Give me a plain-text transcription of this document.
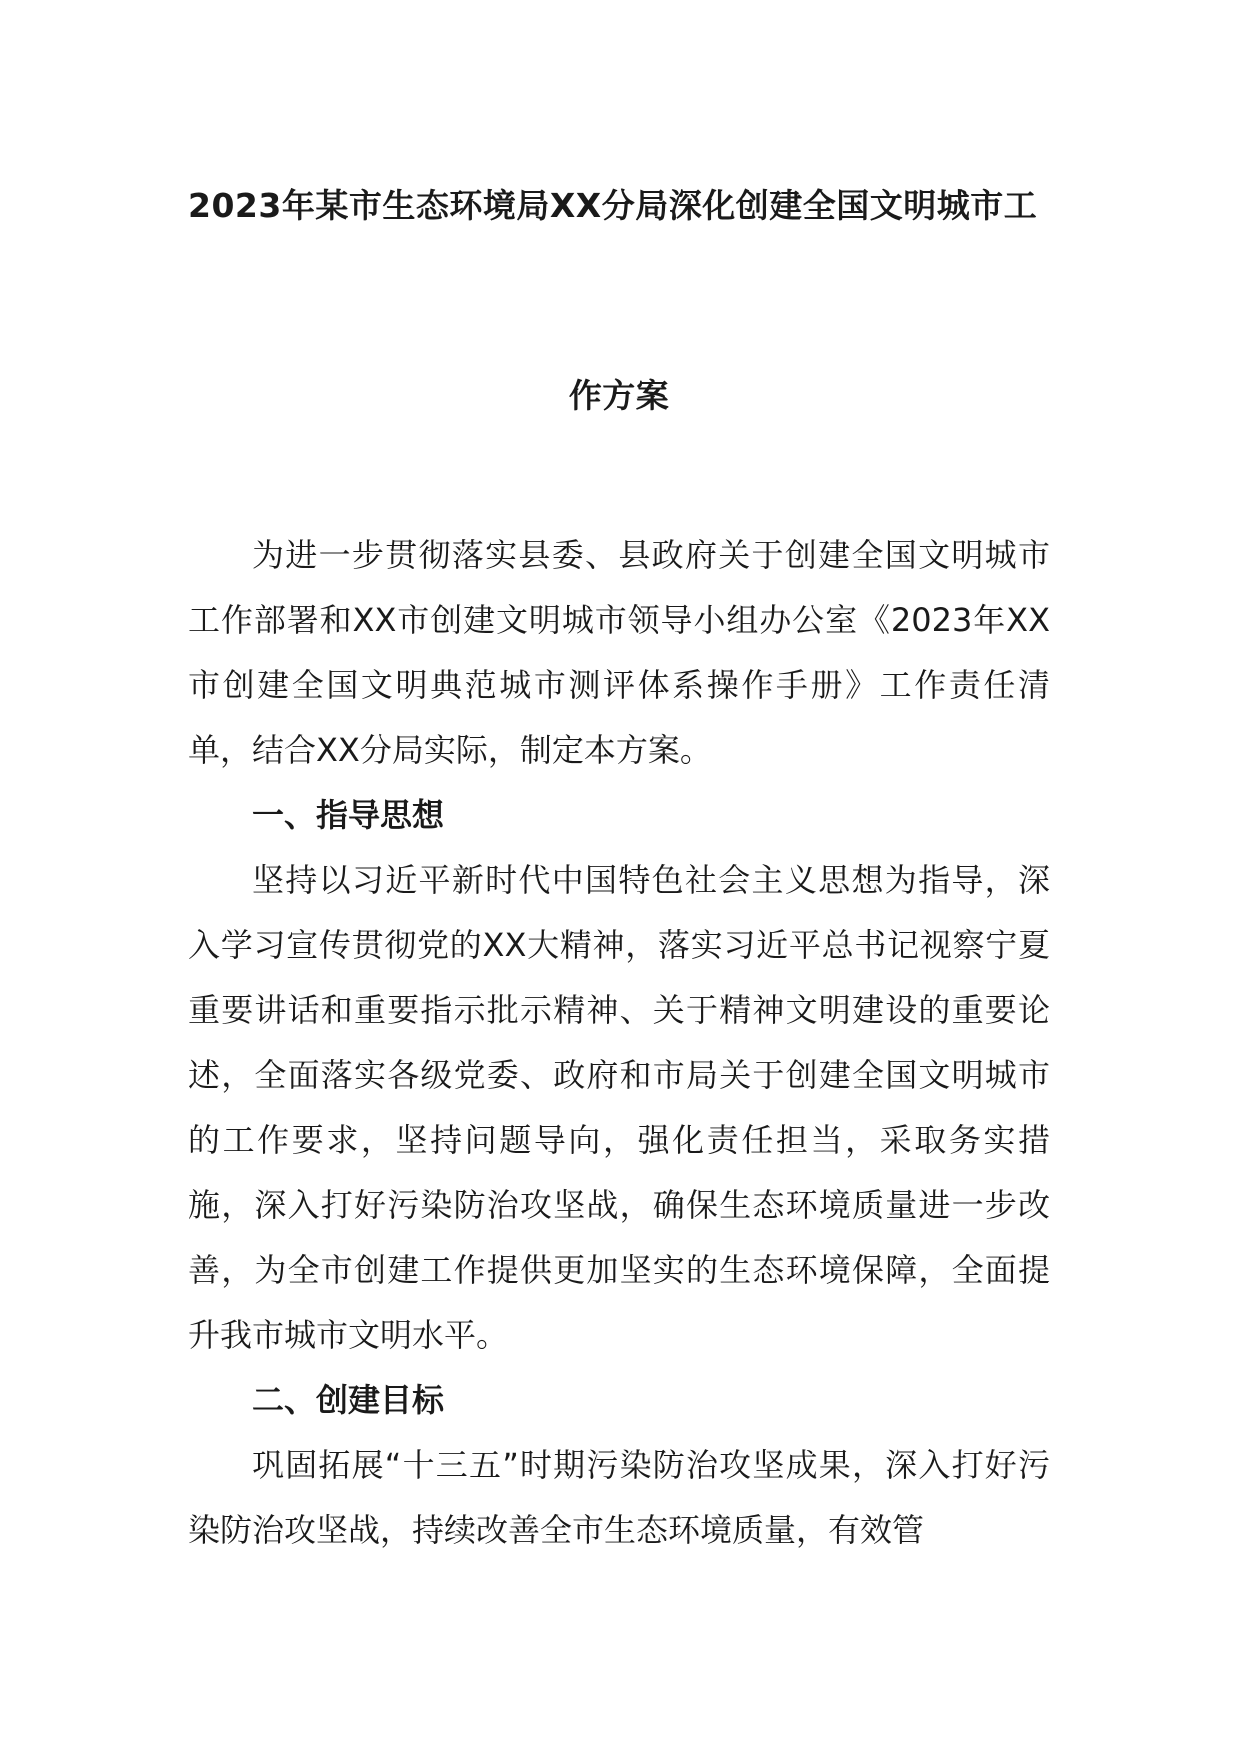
2023年某市生态环境局XX分局深化创建全国文明城市工
作方案

为进一步贯彻落实县委、县政府关于创建全国文明城市工作部署和XX市创建文明城市领导小组办公室《2023年XX市创建全国文明典范城市测评体系操作手册》工作责任清单，结合XX分局实际，制定本方案。

一、指导思想

坚持以习近平新时代中国特色社会主义思想为指导，深入学习宣传贯彻党的XX大精神，落实习近平总书记视察宁夏重要讲话和重要指示批示精神、关于精神文明建设的重要论述，全面落实各级党委、政府和市局关于创建全国文明城市的工作要求，坚持问题导向，强化责任担当，采取务实措施，深入打好污染防治攻坚战，确保生态环境质量进一步改善，为全市创建工作提供更加坚实的生态环境保障，全面提升我市城市文明水平。

二、创建目标

巩固拓展“十三五”时期污染防治攻坚成果，深入打好污染防治攻坚战，持续改善全市生态环境质量，有效管
